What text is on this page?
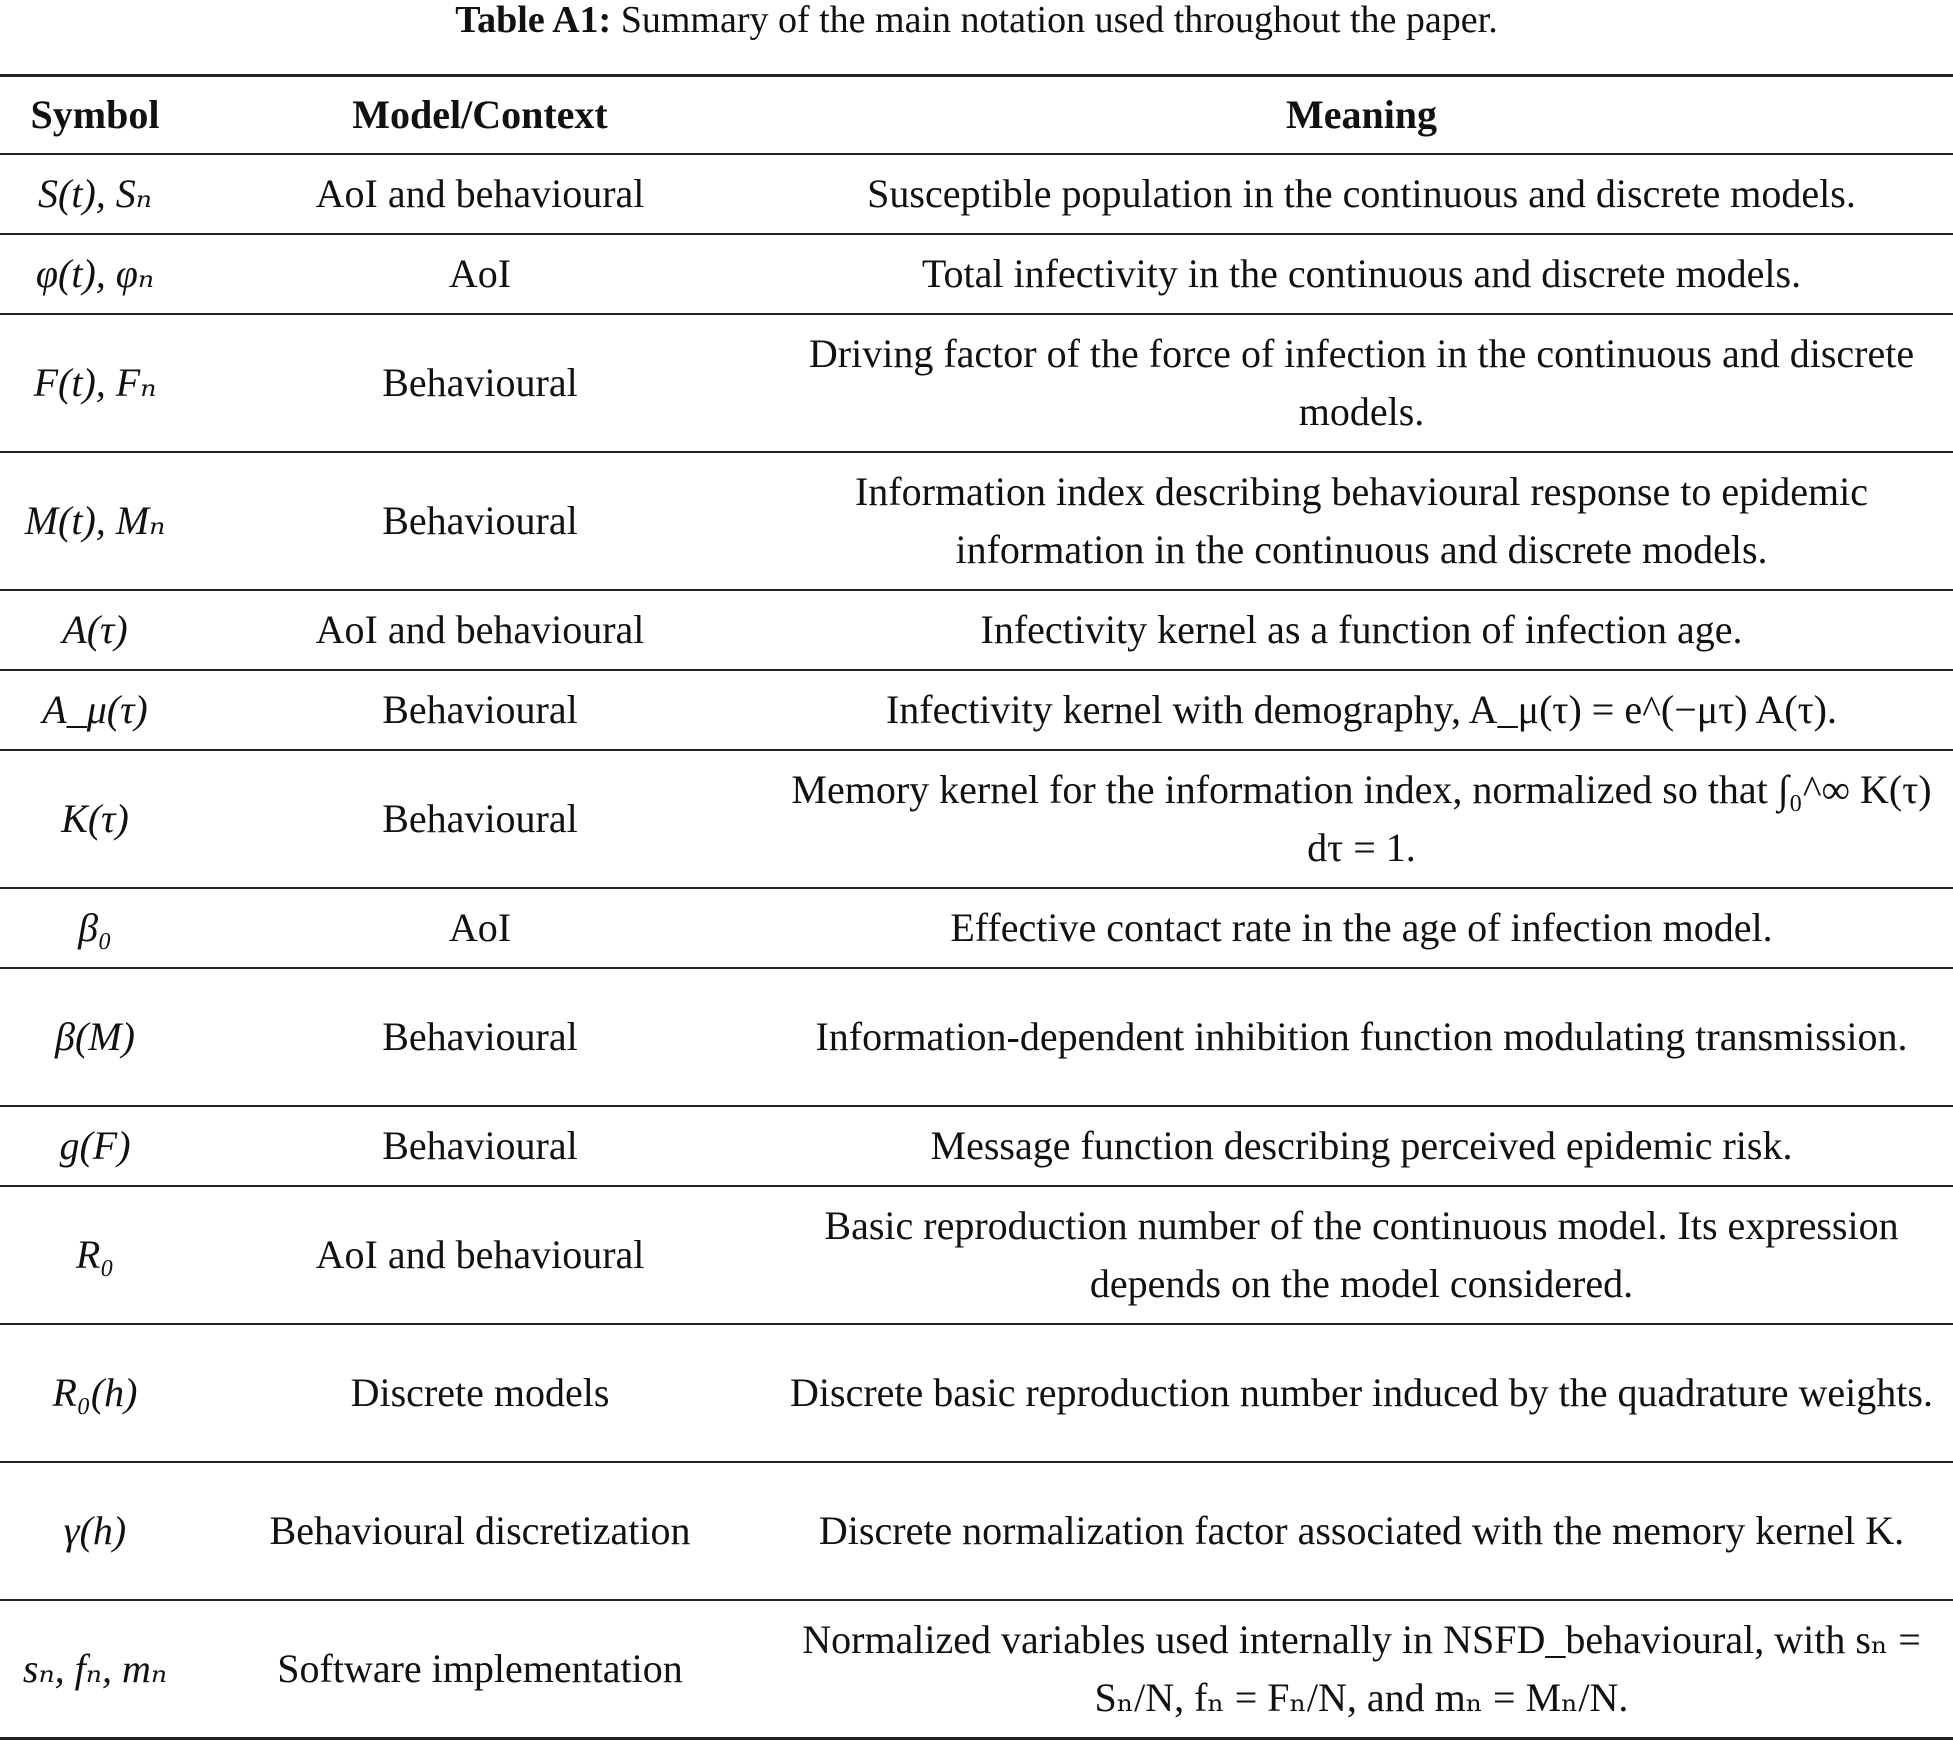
Table A1: Summary of the main notation used throughout the paper.
Symbol	Model/Context	Meaning
S(t), Sₙ	AoI and behavioural	Susceptible population in the continuous and discrete models.
φ(t), φₙ	AoI	Total infectivity in the continuous and discrete models.
F(t), Fₙ	Behavioural	Driving factor of the force of infection in the continuous and discrete models.
M(t), Mₙ	Behavioural	Information index describing behavioural response to epidemic information in the continuous and discrete models.
A(τ)	AoI and behavioural	Infectivity kernel as a function of infection age.
A_μ(τ)	Behavioural	Infectivity kernel with demography, A_μ(τ) = e^(−μτ) A(τ).
K(τ)	Behavioural	Memory kernel for the information index, normalized so that ∫₀^∞ K(τ) dτ = 1.
β₀	AoI	Effective contact rate in the age of infection model.
β(M)	Behavioural	Information-dependent inhibition function modulating transmission.
g(F)	Behavioural	Message function describing perceived epidemic risk.
R₀	AoI and behavioural	Basic reproduction number of the continuous model. Its expression depends on the model considered.
R₀(h)	Discrete models	Discrete basic reproduction number induced by the quadrature weights.
γ(h)	Behavioural discretization	Discrete normalization factor associated with the memory kernel K.
sₙ, fₙ, mₙ	Software implementation	Normalized variables used internally in NSFD_behavioural, with sₙ = Sₙ/N, fₙ = Fₙ/N, and mₙ = Mₙ/N.
